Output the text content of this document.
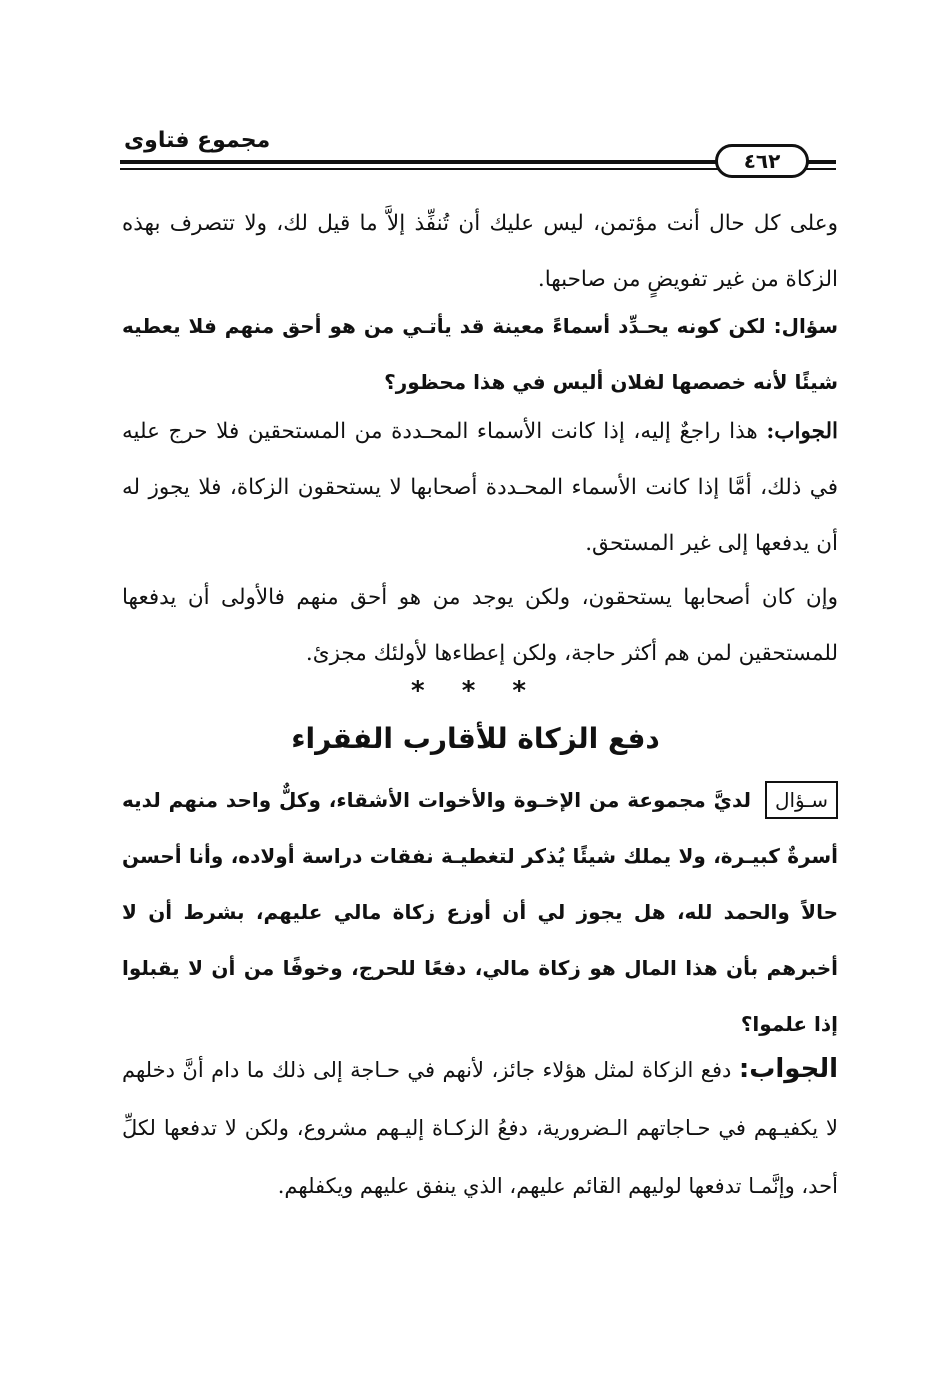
مجموع فتاوى
٤٦٢

وعلى كل حال أنت مؤتمن، ليس عليك أن تُنفِّذ إلاَّ ما قيل لك، ولا تتصرف بهذه الزكاة من غير تفويضٍ من صاحبها.

سؤال: لكن كونه يحـدِّد أسماءً معينة قد يأتـي من هو أحق منهم فلا يعطيه شيئًا لأنه خصصها لفلان أليس في هذا محظور؟

الجواب: هذا راجعٌ إليه، إذا كانت الأسماء المحـددة من المستحقين فلا حرج عليه في ذلك، أمَّا إذا كانت الأسماء المحـددة أصحابها لا يستحقون الزكاة، فلا يجوز له أن يدفعها إلى غير المستحق.

وإن كان أصحابها يستحقون، ولكن يوجد من هو أحق منهم فالأولى أن يدفعها للمستحقين لمن هم أكثر حاجة، ولكن إعطاءها لأولئك مجزئ.

* * *
دفع الزكاة للأقارب الفقراء

سـؤال لديَّ مجموعة من الإخـوة والأخوات الأشقاء، وكلٌّ واحد منهم لديه أسرةٌ كبيـرة، ولا يملك شيئًا يُذكر لتغطيـة نفقات دراسة أولاده، وأنا أحسن حالاً والحمد لله، هل يجوز لي أن أوزع زكاة مالي عليهم، بشرط أن لا أخبرهم بأن هذا المال هو زكاة مالي، دفعًا للحرج، وخوفًا من أن لا يقبلوا إذا علموا؟

الجواب: دفع الزكاة لمثل هؤلاء جائز، لأنهم في حـاجة إلى ذلك ما دام أنَّ دخلهم لا يكفيـهم في حـاجاتهم الـضرورية، دفعُ الزكـاة إليـهم مشروع، ولكن لا تدفعها لكلِّ أحد، وإنَّمـا تدفعها لوليهم القائم عليهم، الذي ينفق عليهم ويكفلهم.
